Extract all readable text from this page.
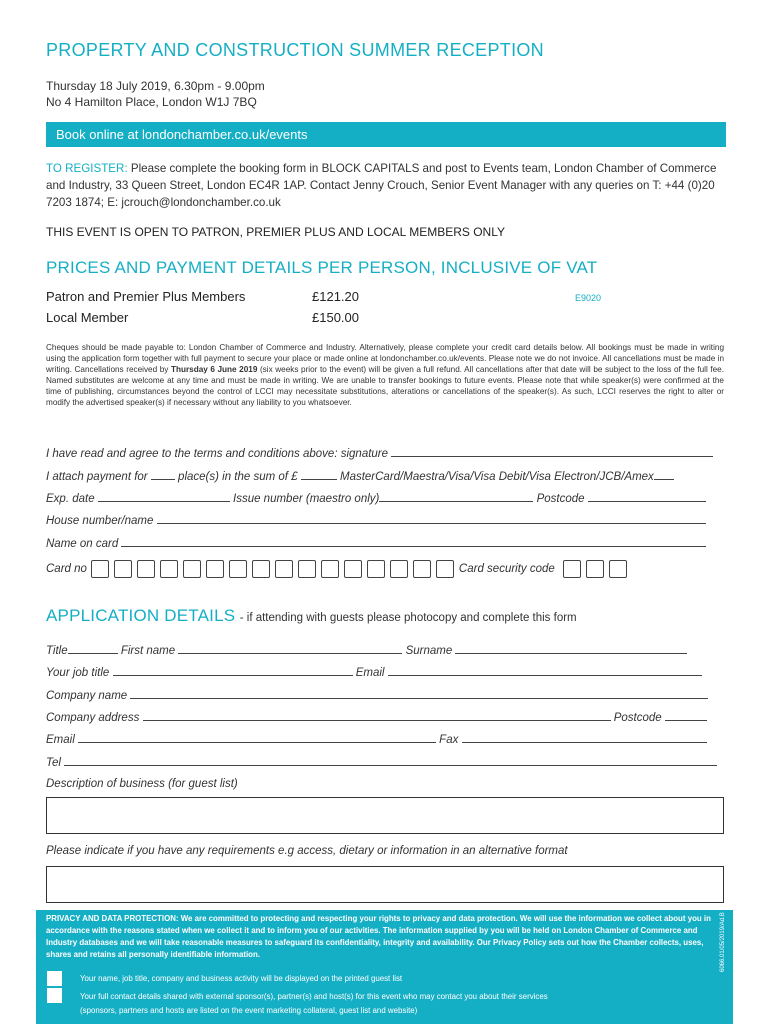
PROPERTY AND CONSTRUCTION SUMMER RECEPTION
Thursday 18 July 2019, 6.30pm - 9.00pm
No 4 Hamilton Place, London W1J 7BQ
Book online at londonchamber.co.uk/events
TO REGISTER: Please complete the booking form in BLOCK CAPITALS and post to Events team, London Chamber of Commerce and Industry, 33 Queen Street, London EC4R 1AP. Contact Jenny Crouch, Senior Event Manager with any queries on T: +44 (0)20 7203 1874; E: jcrouch@londonchamber.co.uk
THIS EVENT IS OPEN TO PATRON, PREMIER PLUS AND LOCAL MEMBERS ONLY
PRICES AND PAYMENT DETAILS PER PERSON, INCLUSIVE OF VAT
Patron and Premier Plus Members	£121.20
Local Member	£150.00
E9020
Cheques should be made payable to: London Chamber of Commerce and Industry. Alternatively, please complete your credit card details below. All bookings must be made in writing using the application form together with full payment to secure your place or made online at londonchamber.co.uk/events. Please note we do not invoice. All cancellations must be made in writing. Cancellations received by Thursday 6 June 2019 (six weeks prior to the event) will be given a full refund. All cancellations after that date will be subject to the loss of the full fee. Named substitutes are welcome at any time and must be made in writing. We are unable to transfer bookings to future events. Please note that while speaker(s) were confirmed at the time of publishing, circumstances beyond the control of LCCI may necessitate substitutions, alterations or cancellations of the speaker(s). As such, LCCI reserves the right to alter or modify the advertised speaker(s) if necessary without any liability to you whatsoever.
I have read and agree to the terms and conditions above: signature
I attach payment for	place(s) in the sum of £	MasterCard/Maestra/Visa/Visa Debit/Visa Electron/JCB/Amex
Exp. date	Issue number (maestro only)	Postcode
House number/name
Name on card
Card no	Card security code
APPLICATION DETAILS - if attending with guests please photocopy and complete this form
Title	First name	Surname
Your job title	Email
Company name
Company address	Postcode
Email	Fax
Tel
Description of business (for guest list)
Please indicate if you have any requirements e.g access, dietary or information in an alternative format
PRIVACY AND DATA PROTECTION: We are committed to protecting and respecting your rights to privacy and data protection. We will use the information we collect about you in accordance with the reasons stated when we collect it and to inform you of our activities. The information supplied by you will be held on London Chamber of Commerce and Industry databases and we will take reasonable measures to safeguard its confidentiality, integrity and availability. Our Privacy Policy sets out how the Chamber collects, uses, shares and retains all personally identifiable information.
Your name, job title, company and business activity will be displayed on the printed guest list
Your full contact details shared with external sponsor(s), partner(s) and host(s) for this event who may contact you about their services
(sponsors, partners and hosts are listed on the event marketing collateral, guest list and website)
6066.01/05/2019/Ad.B
